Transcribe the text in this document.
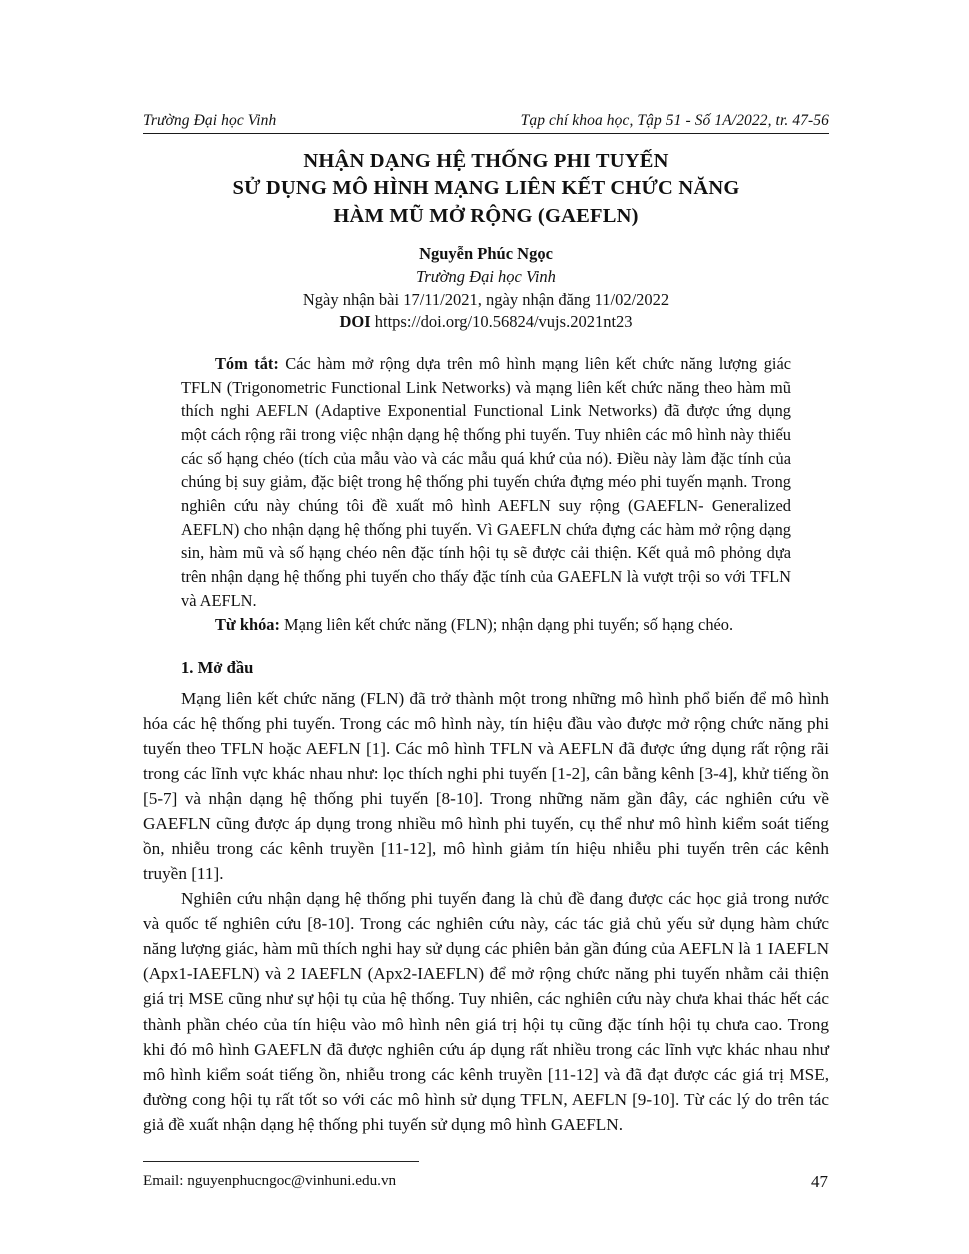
Trường Đại học Vinh	Tạp chí khoa học, Tập 51 - Số 1A/2022, tr. 47-56
NHẬN DẠNG HỆ THỐNG PHI TUYẾN
SỬ DỤNG MÔ HÌNH MẠNG LIÊN KẾT CHỨC NĂNG
HÀM MŨ MỞ RỘNG (GAEFLN)
Nguyễn Phúc Ngọc
Trường Đại học Vinh
Ngày nhận bài 17/11/2021, ngày nhận đăng 11/02/2022
DOI https://doi.org/10.56824/vujs.2021nt23

Tóm tắt: Các hàm mở rộng dựa trên mô hình mạng liên kết chức năng lượng giác TFLN (Trigonometric Functional Link Networks) và mạng liên kết chức năng theo hàm mũ thích nghi AEFLN (Adaptive Exponential Functional Link Networks) đã được ứng dụng một cách rộng rãi trong việc nhận dạng hệ thống phi tuyến. Tuy nhiên các mô hình này thiếu các số hạng chéo (tích của mẫu vào và các mẫu quá khứ của nó). Điều này làm đặc tính của chúng bị suy giảm, đặc biệt trong hệ thống phi tuyến chứa đựng méo phi tuyến mạnh. Trong nghiên cứu này chúng tôi đề xuất mô hình AEFLN suy rộng (GAEFLN- Generalized AEFLN) cho nhận dạng hệ thống phi tuyến. Vì GAEFLN chứa đựng các hàm mở rộng dạng sin, hàm mũ và số hạng chéo nên đặc tính hội tụ sẽ được cải thiện. Kết quả mô phỏng dựa trên nhận dạng hệ thống phi tuyến cho thấy đặc tính của GAEFLN là vượt trội so với TFLN và AEFLN.

Từ khóa: Mạng liên kết chức năng (FLN); nhận dạng phi tuyến; số hạng chéo.

1. Mở đầu

Mạng liên kết chức năng (FLN) đã trở thành một trong những mô hình phổ biến để mô hình hóa các hệ thống phi tuyến. Trong các mô hình này, tín hiệu đầu vào được mở rộng chức năng phi tuyến theo TFLN hoặc AEFLN [1]. Các mô hình TFLN và AEFLN đã được ứng dụng rất rộng rãi trong các lĩnh vực khác nhau như: lọc thích nghi phi tuyến [1-2], cân bằng kênh [3-4], khử tiếng ồn [5-7] và nhận dạng hệ thống phi tuyến [8-10]. Trong những năm gần đây, các nghiên cứu về GAEFLN cũng được áp dụng trong nhiều mô hình phi tuyến, cụ thể như mô hình kiểm soát tiếng ồn, nhiễu trong các kênh truyền [11-12], mô hình giảm tín hiệu nhiễu phi tuyến trên các kênh truyền [11].

Nghiên cứu nhận dạng hệ thống phi tuyến đang là chủ đề đang được các học giả trong nước và quốc tế nghiên cứu [8-10]. Trong các nghiên cứu này, các tác giả chủ yếu sử dụng hàm chức năng lượng giác, hàm mũ thích nghi hay sử dụng các phiên bản gần đúng của AEFLN là 1 IAEFLN (Apx1-IAEFLN) và 2 IAEFLN (Apx2-IAEFLN) để mở rộng chức năng phi tuyến nhằm cải thiện giá trị MSE cũng như sự hội tụ của hệ thống. Tuy nhiên, các nghiên cứu này chưa khai thác hết các thành phần chéo của tín hiệu vào mô hình nên giá trị hội tụ cũng đặc tính hội tụ chưa cao. Trong khi đó mô hình GAEFLN đã được nghiên cứu áp dụng rất nhiều trong các lĩnh vực khác nhau như mô hình kiểm soát tiếng ồn, nhiễu trong các kênh truyền [11-12] và đã đạt được các giá trị MSE, đường cong hội tụ rất tốt so với các mô hình sử dụng TFLN, AEFLN [9-10]. Từ các lý do trên tác giả đề xuất nhận dạng hệ thống phi tuyến sử dụng mô hình GAEFLN.

Email: nguyenphucngoc@vinhuni.edu.vn	47
